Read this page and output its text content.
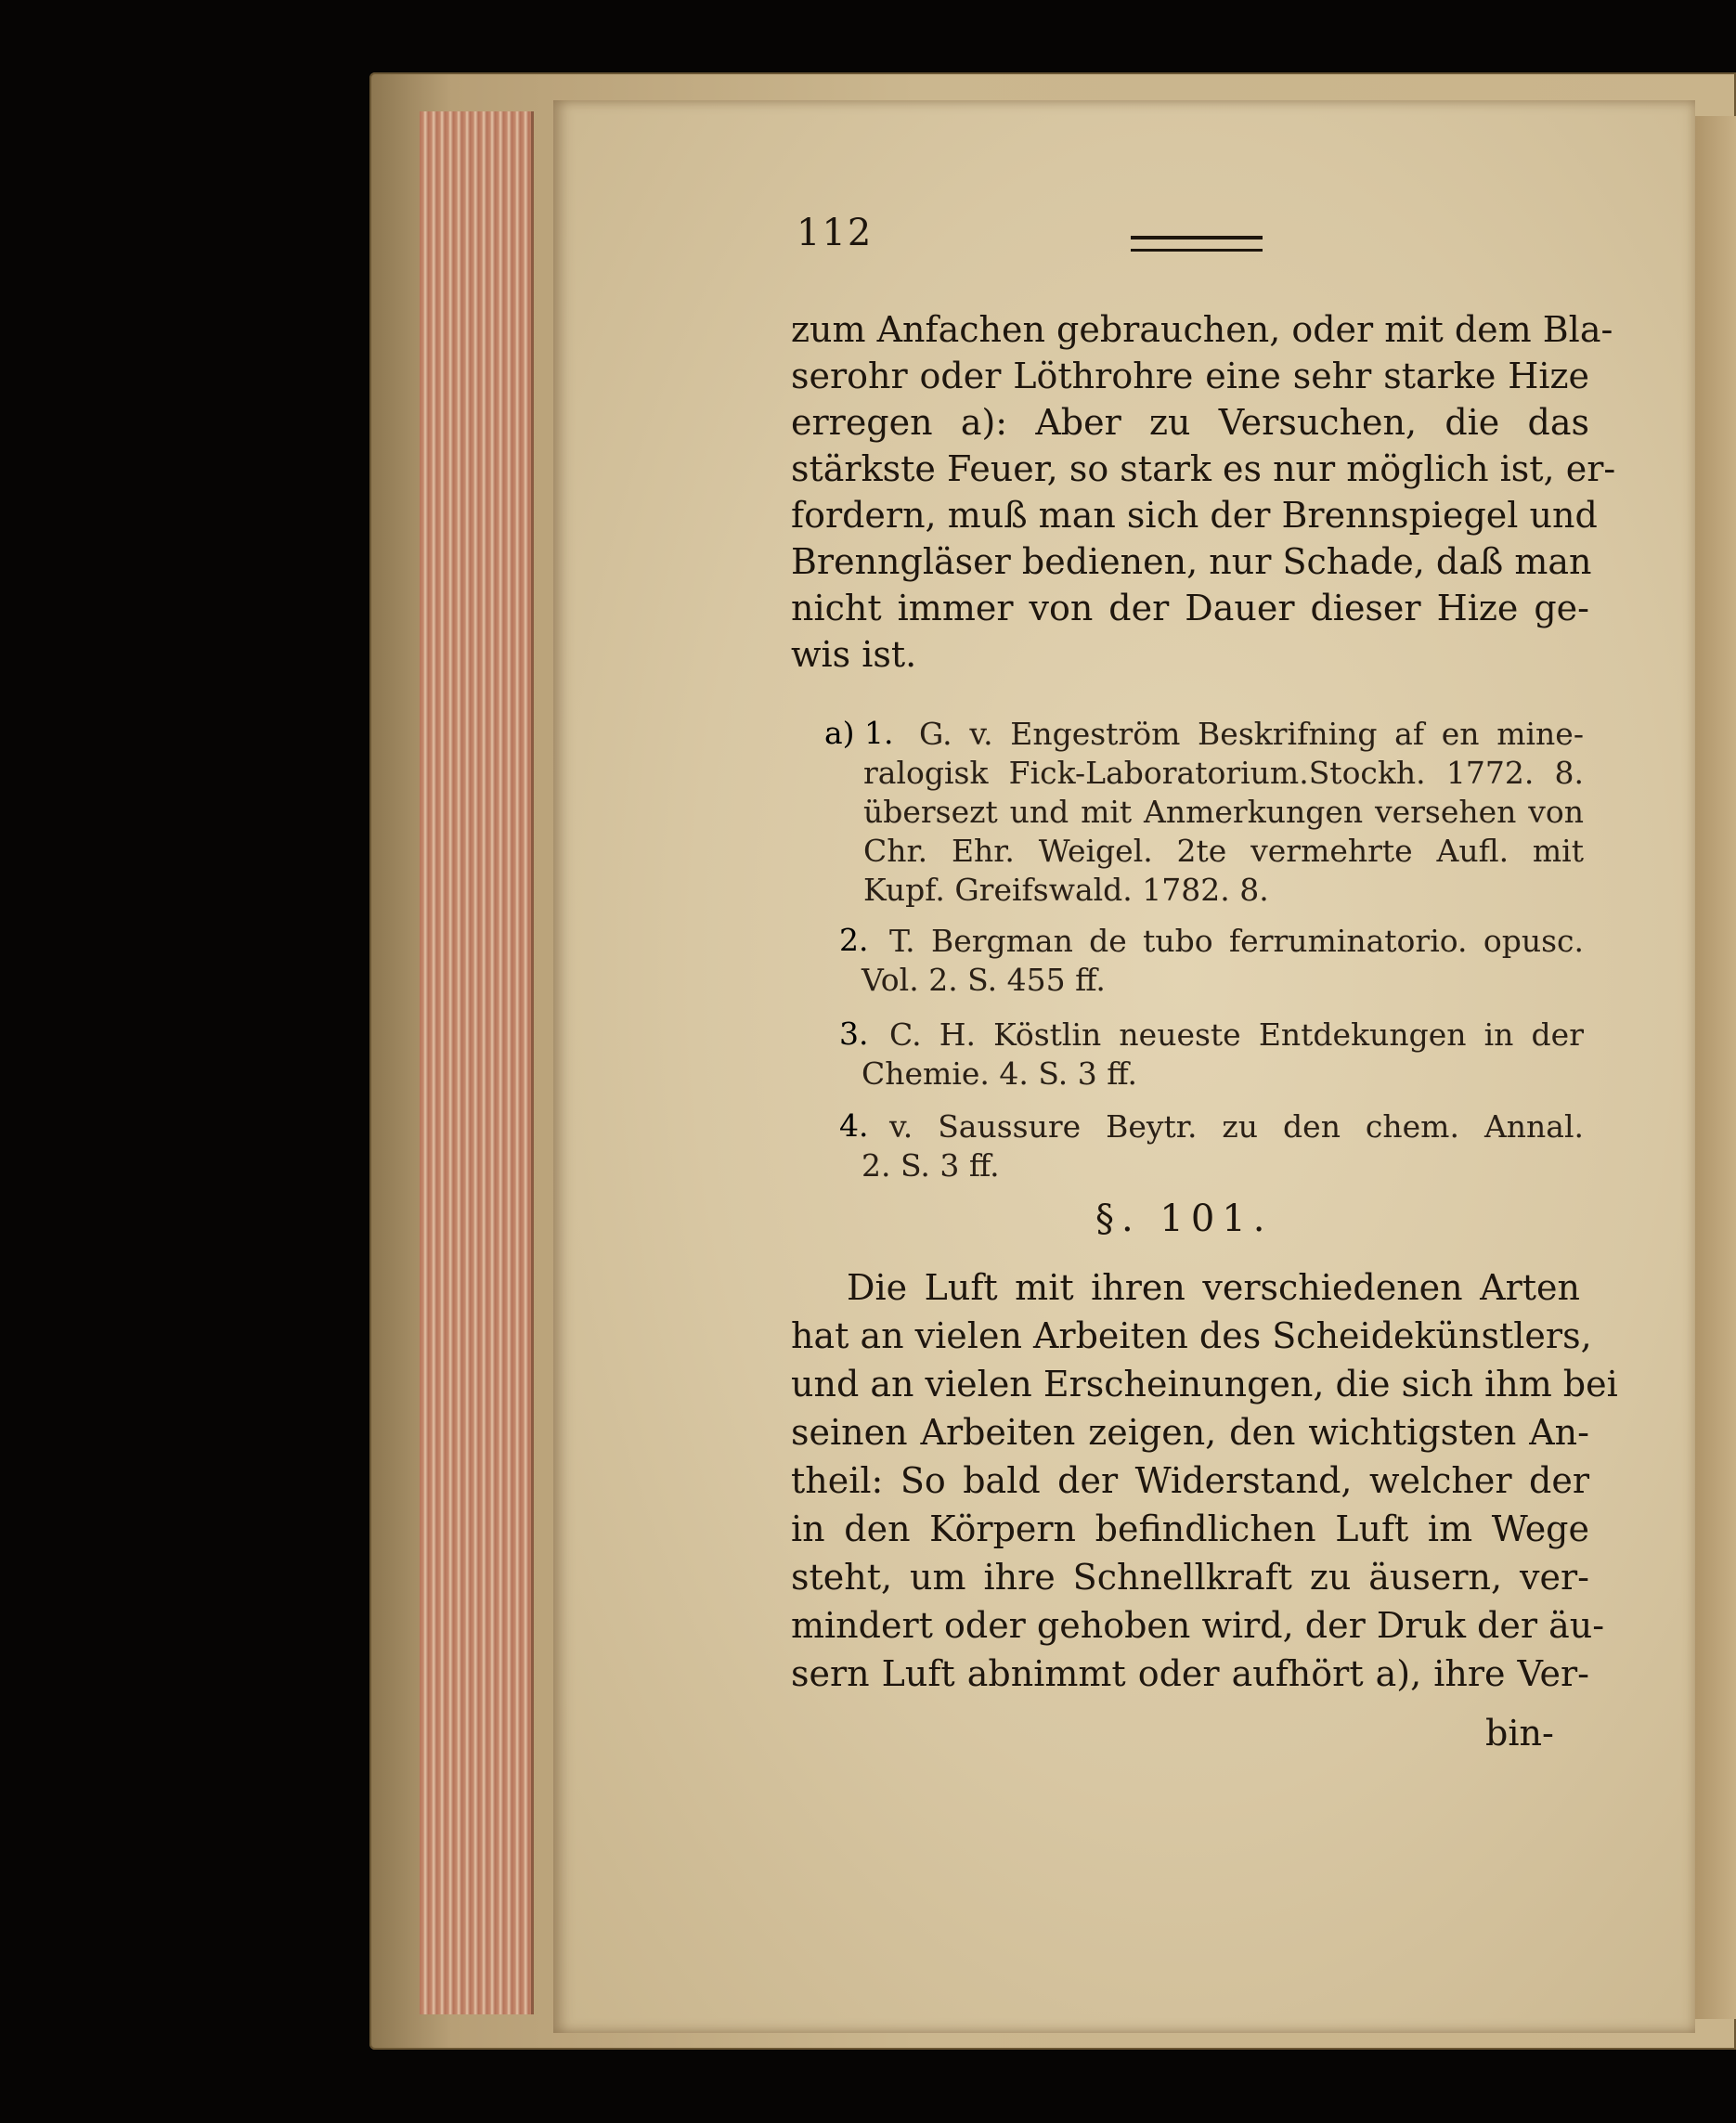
112
zum Anfachen gebrauchen, oder mit dem Bla-
serohr oder Löthrohre eine sehr starke Hize
erregen a): Aber zu Versuchen, die das
stärkste Feuer, so stark es nur möglich ist, er-
fordern, muß man sich der Brennspiegel und
Brenngläser bedienen, nur Schade, daß man
nicht immer von der Dauer dieser Hize ge-
wis ist.
a) 1. G. v. Engeström Beskrifning af en mine-
ralogisk Fick-Laboratorium.Stockh. 1772. 8.
übersezt und mit Anmerkungen versehen von
Chr. Ehr. Weigel. 2te vermehrte Aufl. mit
Kupf. Greifswald. 1782. 8.
2. T. Bergman de tubo ferruminatorio. opusc.
Vol. 2. S. 455 ff.
3. C. H. Köstlin neueste Entdekungen in der
Chemie. 4. S. 3 ff.
4. v. Saussure Beytr. zu den chem. Annal.
2. S. 3 ff.
§. 101.
Die Luft mit ihren verschiedenen Arten
hat an vielen Arbeiten des Scheidekünstlers,
und an vielen Erscheinungen, die sich ihm bei
seinen Arbeiten zeigen, den wichtigsten An-
theil: So bald der Widerstand, welcher der
in den Körpern befindlichen Luft im Wege
steht, um ihre Schnellkraft zu äusern, ver-
mindert oder gehoben wird, der Druk der äu-
sern Luft abnimmt oder aufhört a), ihre Ver-
bin-
